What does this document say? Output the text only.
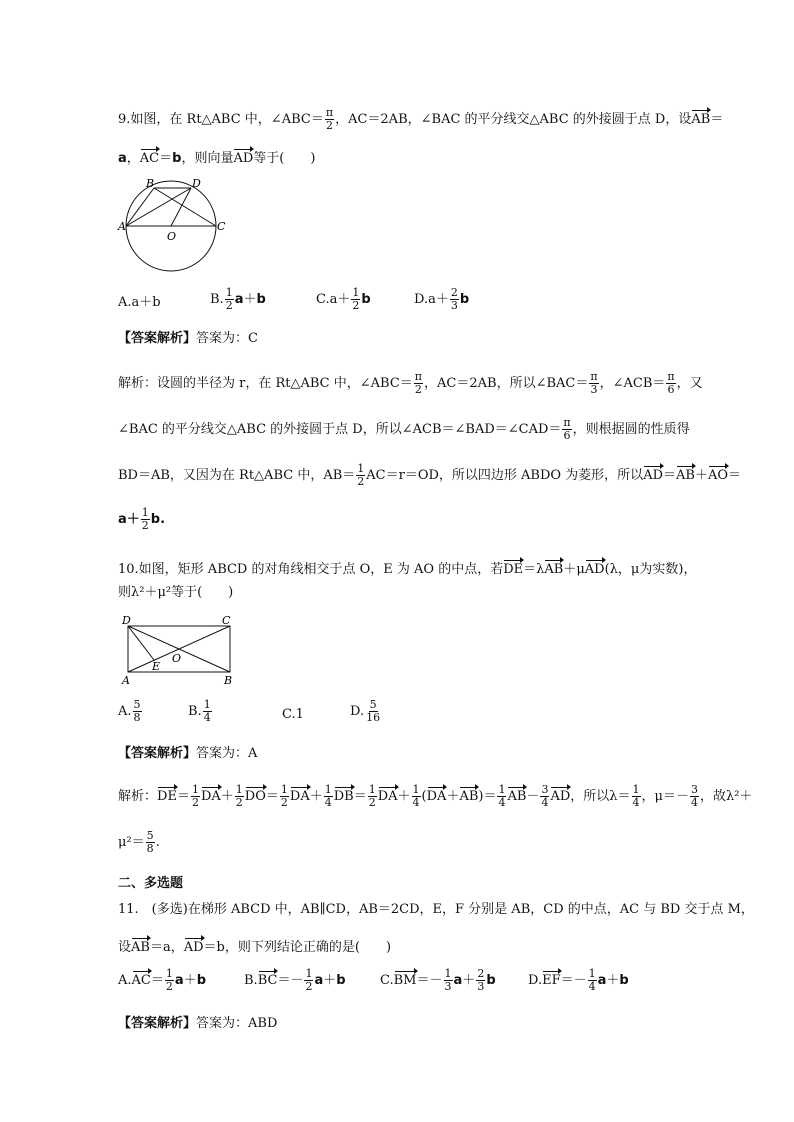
9.如图，在 Rt△ABC 中，∠ABC＝ $\frac{\pi}{2}$ ，AC＝2AB，∠BAC 的平分线交△ABC 的外接圆于点 D，设AB＝
a，AC＝b，则向量AD等于(　　)
B	D
A
O
C
A.a＋b	B. $\frac{1}{2} a+b$	$C.a+ \frac{1}{2}$ b	$D.a+ \frac{2}{3}$ b
【答案解析】答案为：C
解析：设圆的半径为 r，在 Rt△ABC 中，∠ABC＝ $\frac{\pi}{2}$ ，AC＝2AB，所以∠BAC＝ $\frac{\pi}{3}$ ，∠ACB＝ $\frac{\pi}{6}$ ，又
∠BAC 的平分线交△ABC 的外接圆于点 D，所以∠ACB＝∠BAD＝∠CAD＝ $\frac{\pi}{6}$ ，则根据圆的性质得
BD＝AB，又因为在 Rt△ABC 中，$AB= \frac{1}{2} AC=r=OD$，所以四边形 ABDO 为菱形，所以AD＝AB＋AO＝
$a+ \frac{1}{2} b$.
10.如图，矩形 ABCD 的对角线相交于点 O，E 为 AO 的中点，若DE＝λAB＋μAD(λ，μ为实数)，
则λ²＋μ²等于(　　)
D	C
O
E
A	B
A. $\frac{5}{8}$	B. $\frac{1}{4}$	C.1	D. $\frac{5}{16}$
【答案解析】答案为：A
解析：$DE= \frac{1}{2} DA+ \frac{1}{2} DO= \frac{1}{2} DA+ \frac{1}{4} DB= \frac{1}{2} DA+ \frac{1}{4} (DA+AB)= \frac{1}{4} AB- \frac{3}{4}$ AD，所以$\lambda= \frac{1}{4}$ ，$\mu=- \frac{3}{4}$ ，故λ²＋
$\mu^2= \frac{5}{8}$ .
二、多选题
11.　(多选)在梯形 ABCD 中，AB∥CD，AB＝2CD，E，F 分别是 AB，CD 的中点，AC 与 BD 交于点 M，
设AB＝a，AD＝b，则下列结论正确的是(　　)
$A.AC= \frac{1}{2} a+b$	$B.BC=- \frac{1}{2} a+b$	$C.BM=- \frac{1}{3} a+ \frac{2}{3}$ b $D.EF=- \frac{1}{4} a+b$
【答案解析】答案为：ABD
